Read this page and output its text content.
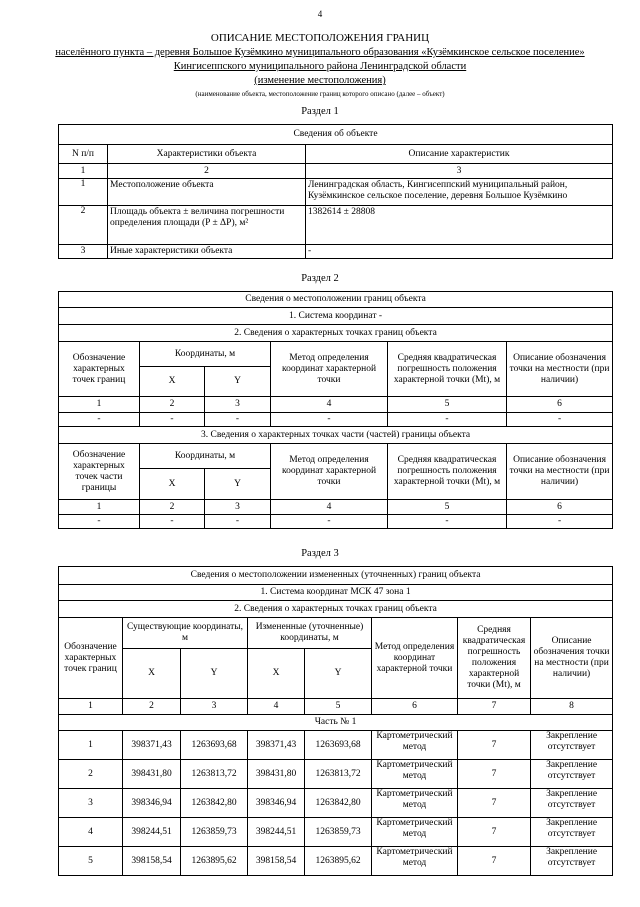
4
ОПИСАНИЕ МЕСТОПОЛОЖЕНИЯ ГРАНИЦ
населённого пункта – деревня Большое Кузёмкино муниципального образования «Кузёмкинское сельское поселение»
Кингисеппского муниципального района Ленинградской области
(изменение местоположения)
(наименование объекта, местоположение границ которого описано (далее – объект)
Раздел 1
Сведения об объекте		
N п/п	Характеристики объекта	Описание характеристик
1	2	3
1	Местоположение объекта	Ленинградская область, Кингисеппский муниципальный район, Кузёмкинское сельское поселение, деревня Большое Кузёмкино
2	Площадь объекта ± величина погрешности определения площади (P ± ΔP), м²	1382614 ± 28808
3	Иные характеристики объекта	-
Раздел 2
Сведения о местоположении границ объекта					
1. Система координат -					
2. Сведения о характерных точках границ объекта					
Обозначение характерных точек границ	Координаты, м		Метод определения координат характерной точки	Средняя квадратическая погрешность положения характерной точки (Mt), м	Описание обозначения точки на местности (при наличии)
	X	Y			
1	2	3	4	5	6
-	-	-	-	-	-
3. Сведения о характерных точках части (частей) границы объекта					
Обозначение характерных точек части границы	Координаты, м		Метод определения координат характерной точки	Средняя квадратическая погрешность положения характерной точки (Mt), м	Описание обозначения точки на местности (при наличии)
	X	Y			
1	2	3	4	5	6
-	-	-	-	-	-
Раздел 3
Сведения о местоположении измененных (уточненных) границ объекта							
1. Система координат МСК 47 зона 1							
2. Сведения о характерных точках границ объекта							
Обозначение характерных точек границ	Существующие координаты, м		Измененные (уточненные) координаты, м		Метод определения координат характерной точки	Средняя квадратическая погрешность положения характерной точки (Mt), м	Описание обозначения точки на местности (при наличии)
	X	Y	X	Y			
1	2	3	4	5	6	7	8
Часть № 1							
1	398371,43	1263693,68	398371,43	1263693,68	Картометрический метод	7	Закрепление отсутствует
2	398431,80	1263813,72	398431,80	1263813,72	Картометрический метод	7	Закрепление отсутствует
3	398346,94	1263842,80	398346,94	1263842,80	Картометрический метод	7	Закрепление отсутствует
4	398244,51	1263859,73	398244,51	1263859,73	Картометрический метод	7	Закрепление отсутствует
5	398158,54	1263895,62	398158,54	1263895,62	Картометрический метод	7	Закрепление отсутствует
